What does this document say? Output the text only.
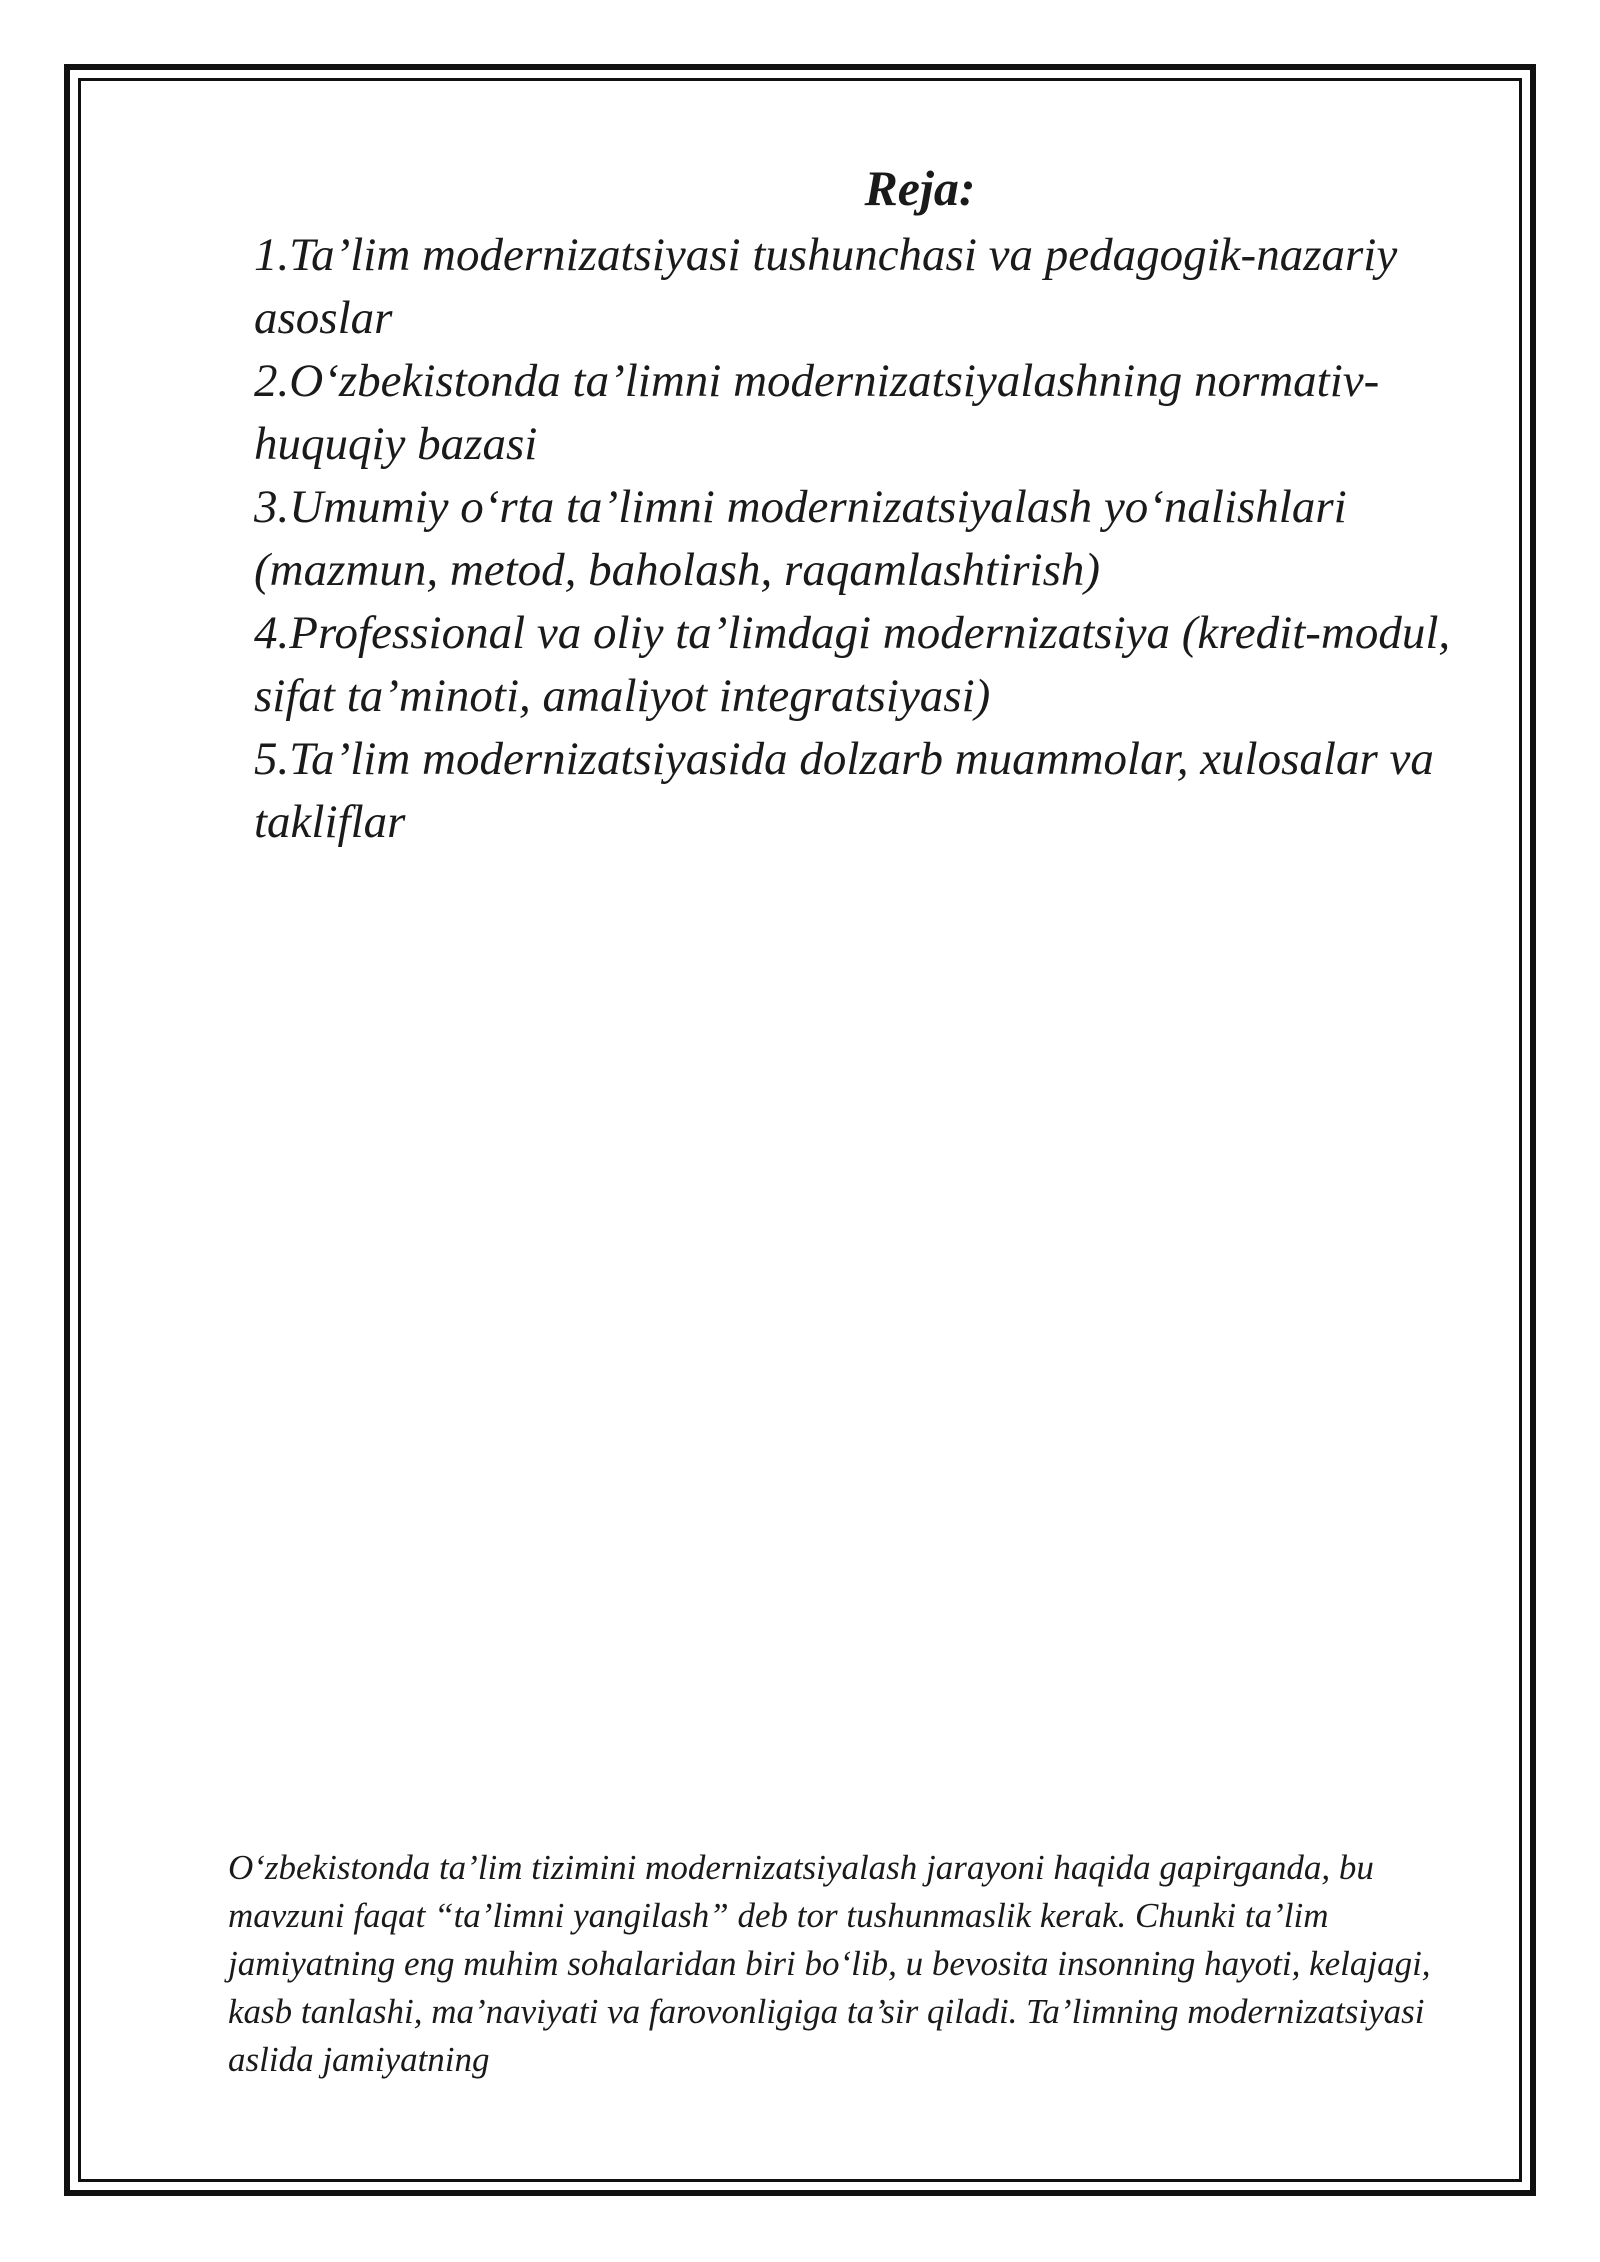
Reja:
1.Ta’lim modernizatsiyasi tushunchasi va pedagogik-nazariy asoslar
2.O‘zbekistonda ta’limni modernizatsiyalashning normativ-huquqiy bazasi
3.Umumiy o‘rta ta’limni modernizatsiyalash yo‘nalishlari (mazmun, metod, baholash, raqamlashtirish)
4.Professional va oliy ta’limdagi modernizatsiya (kredit-modul, sifat ta’minoti, amaliyot integratsiyasi)
5.Ta’lim modernizatsiyasida dolzarb muammolar, xulosalar va takliflar

O‘zbekistonda ta’lim tizimini modernizatsiyalash jarayoni haqida gapirganda, bu mavzuni faqat “ta’limni yangilash” deb tor tushunmaslik kerak. Chunki ta’lim jamiyatning eng muhim sohalaridan biri bo‘lib, u bevosita insonning hayoti, kelajagi, kasb tanlashi, ma’naviyati va farovonligiga ta’sir qiladi. Ta’limning modernizatsiyasi aslida jamiyatning
